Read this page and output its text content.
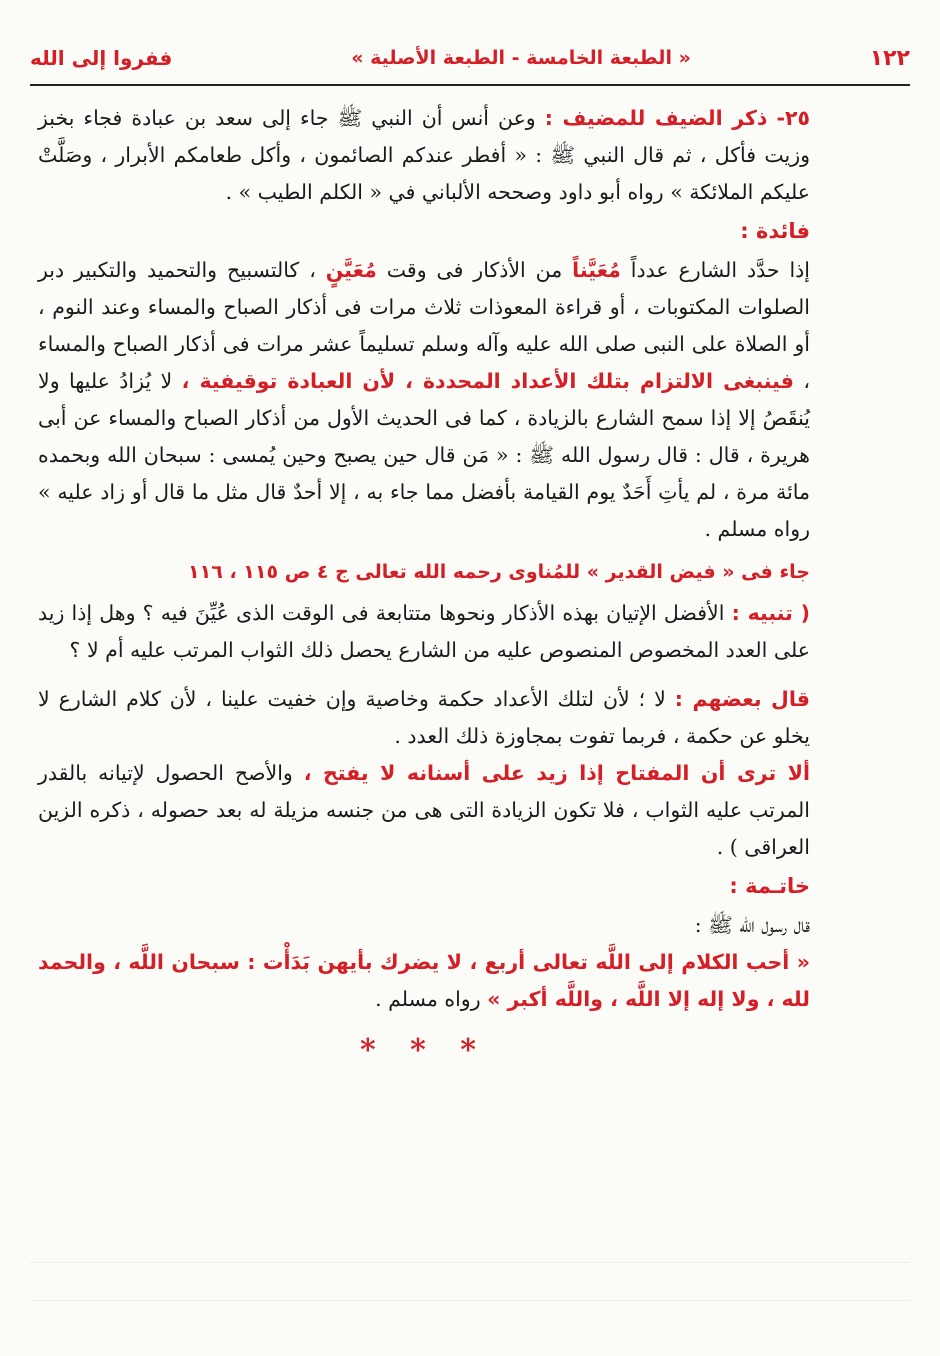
ففروا إلى الله	« الطبعة الخامسة - الطبعة الأصلية »	١٢٢

٢٥- ذكر الضيف للمضيف : وعن أنس أن النبي ﷺ جاء إلى سعد بن عبادة فجاء بخبز وزيت فأكل ، ثم قال النبي ﷺ : « أفطر عندكم الصائمون ، وأكل طعامكم الأبرار ، وصَلَّتْ عليكم الملائكة » رواه أبو داود وصححه الألباني في « الكلم الطيب » .

فائدة :

إذا حدَّد الشارع عدداً مُعَيَّناً من الأذكار فى وقت مُعَيَّنٍ ، كالتسبيح والتحميد والتكبير دبر الصلوات المكتوبات ، أو قراءة المعوذات ثلاث مرات فى أذكار الصباح والمساء وعند النوم ، أو الصلاة على النبى صلى الله عليه وآله وسلم تسليماً عشر مرات فى أذكار الصباح والمساء ، فينبغى الالتزام بتلك الأعداد المحددة ، لأن العبادة توقيفية ، لا يُزادُ عليها ولا يُنقَصُ إلا إذا سمح الشارع بالزيادة ، كما فى الحديث الأول من أذكار الصباح والمساء عن أبى هريرة ، قال : قال رسول الله ﷺ : « مَن قال حين يصبح وحين يُمسى : سبحان الله وبحمده مائة مرة ، لم يأتِ أَحَدٌ يوم القيامة بأفضل مما جاء به ، إلا أحدٌ قال مثل ما قال أو زاد عليه » رواه مسلم .

جاء فى « فيض القدير » للمُناوى رحمه الله تعالى ج ٤ ص ١١٥ ، ١١٦

( تنبيه : الأفضل الإتيان بهذه الأذكار ونحوها متتابعة فى الوقت الذى عُيِّنَ فيه ؟ وهل إذا زيد على العدد المخصوص المنصوص عليه من الشارع يحصل ذلك الثواب المرتب عليه أم لا ؟

قال بعضهم : لا ؛ لأن لتلك الأعداد حكمة وخاصية وإن خفيت علينا ، لأن كلام الشارع لا يخلو عن حكمة ، فربما تفوت بمجاوزة ذلك العدد .

ألا ترى أن المفتاح إذا زيد على أسنانه لا يفتح ، والأصح الحصول لإتيانه بالقدر المرتب عليه الثواب ، فلا تكون الزيادة التى هى من جنسه مزيلة له بعد حصوله ، ذكره الزين العراقى ) .

خاتـمة :

قال رسول اللّه ﷺ :

« أحب الكلام إلى اللَّه تعالى أربع ، لا يضرك بأيهن بَدَأْت : سبحان اللَّه ، والحمد لله ، ولا إله إلا اللَّه ، واللَّه أكبر » رواه مسلم .

* * *
